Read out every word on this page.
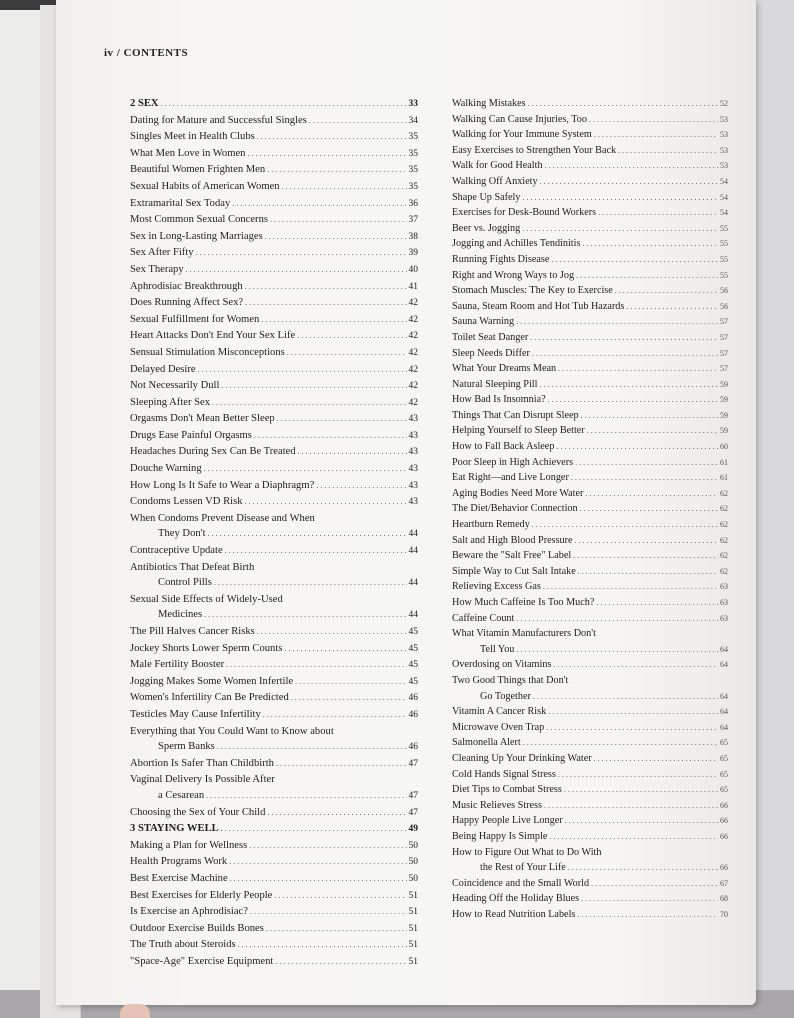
iv / CONTENTS
2 SEX . . .	33
Dating for Mature and Successful Singles . . .	34
Singles Meet in Health Clubs . . .	35
What Men Love in Women . . .	35
Beautiful Women Frighten Men . . .	35
Sexual Habits of American Women . . .	35
Extramarital Sex Today . . .	36
Most Common Sexual Concerns . . .	37
Sex in Long-Lasting Marriages . . .	38
Sex After Fifty . . .	39
Sex Therapy . . .	40
Aphrodisiac Breakthrough . . .	41
Does Running Affect Sex? . . .	42
Sexual Fulfillment for Women . . .	42
Heart Attacks Don't End Your Sex Life . . .	42
Sensual Stimulation Misconceptions . . .	42
Delayed Desire . . .	42
Not Necessarily Dull . . .	42
Sleeping After Sex . . .	42
Orgasms Don't Mean Better Sleep . . .	43
Drugs Ease Painful Orgasms . . .	43
Headaches During Sex Can Be Treated . . .	43
Douche Warning . . .	43
How Long Is It Safe to Wear a Diaphragm? . . .	43
Condoms Lessen VD Risk . . .	43
When Condoms Prevent Disease and When
They Don't . . .	44
Contraceptive Update . . .	44
Antibiotics That Defeat Birth
Control Pills . . .	44
Sexual Side Effects of Widely-Used
Medicines . . .	44
The Pill Halves Cancer Risks . . .	45
Jockey Shorts Lower Sperm Counts . . .	45
Male Fertility Booster . . .	45
Jogging Makes Some Women Infertile . . .	45
Women's Infertility Can Be Predicted . . .	46
Testicles May Cause Infertility . . .	46
Everything that You Could Want to Know about
Sperm Banks . . .	46
Abortion Is Safer Than Childbirth . . .	47
Vaginal Delivery Is Possible After
a Cesarean . . .	47
Choosing the Sex of Your Child . . .	47
3 STAYING WELL . . .	49
Making a Plan for Wellness . . .	50
Health Programs Work . . .	50
Best Exercise Machine . . .	50
Best Exercises for Elderly People . . .	51
Is Exercise an Aphrodisiac? . . .	51
Outdoor Exercise Builds Bones . . .	51
The Truth about Steroids . . .	51
"Space-Age" Exercise Equipment . . .	51
Walking Mistakes . . .	52
Walking Can Cause Injuries, Too . . .	53
Walking for Your Immune System . . .	53
Easy Exercises to Strengthen Your Back . . .	53
Walk for Good Health . . .	53
Walking Off Anxiety . . .	54
Shape Up Safely . . .	54
Exercises for Desk-Bound Workers . . .	54
Beer vs. Jogging . . .	55
Jogging and Achilles Tendinitis . . .	55
Running Fights Disease . . .	55
Right and Wrong Ways to Jog . . .	55
Stomach Muscles: The Key to Exercise . . .	56
Sauna, Steam Room and Hot Tub Hazards . . .	56
Sauna Warning . . .	57
Toilet Seat Danger . . .	57
Sleep Needs Differ . . .	57
What Your Dreams Mean . . .	57
Natural Sleeping Pill . . .	59
How Bad Is Insomnia? . . .	59
Things That Can Disrupt Sleep . . .	59
Helping Yourself to Sleep Better . . .	59
How to Fall Back Asleep . . .	60
Poor Sleep in High Achievers . . .	61
Eat Right—and Live Longer . . .	61
Aging Bodies Need More Water . . .	62
The Diet/Behavior Connection . . .	62
Heartburn Remedy . . .	62
Salt and High Blood Pressure . . .	62
Beware the "Salt Free" Label . . .	62
Simple Way to Cut Salt Intake . . .	62
Relieving Excess Gas . . .	63
How Much Caffeine Is Too Much? . . .	63
Caffeine Count . . .	63
What Vitamin Manufacturers Don't
Tell You . . .	64
Overdosing on Vitamins . . .	64
Two Good Things that Don't
Go Together . . .	64
Vitamin A Cancer Risk . . .	64
Microwave Oven Trap . . .	64
Salmonella Alert . . .	65
Cleaning Up Your Drinking Water . . .	65
Cold Hands Signal Stress . . .	65
Diet Tips to Combat Stress . . .	65
Music Relieves Stress . . .	66
Happy People Live Longer . . .	66
Being Happy Is Simple . . .	66
How to Figure Out What to Do With
the Rest of Your Life . . .	66
Coincidence and the Small World . . .	67
Heading Off the Holiday Blues . . .	68
How to Read Nutrition Labels . . .	70
